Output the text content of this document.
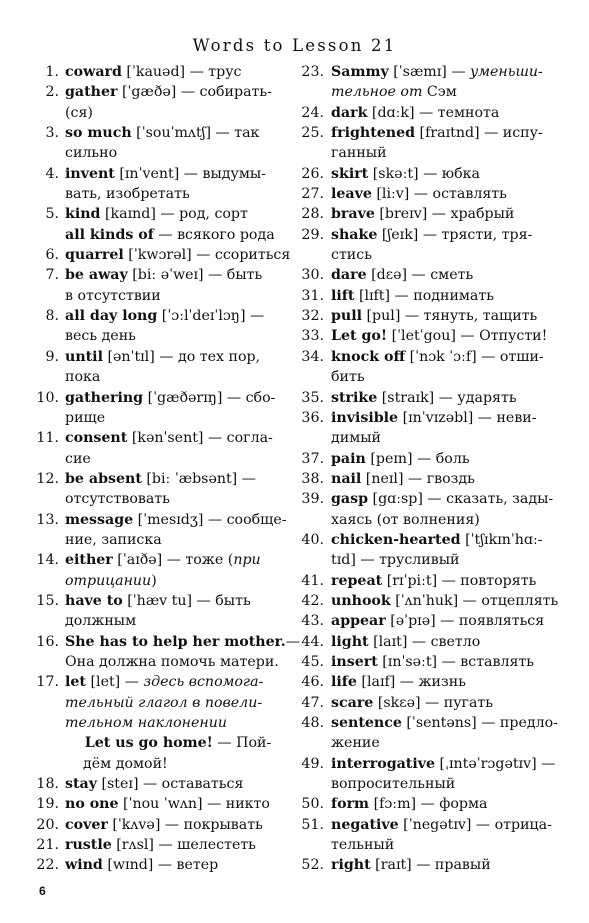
Words to Lesson 21
1. coward [ˈkauəd] — трус
2. gather [ˈgæðə] — собирать-
(ся)
3. so much [ˈsouˈmʌtʃ] — так
сильно
4. invent [ɪnˈvent] — выдумы-
вать, изобретать
5. kind [kaɪnd] — род, сорт
all kinds of — всякого рода
6. quarrel [ˈkwɔrəl] — ссориться
7. be away [biː əˈweɪ] — быть
в отсутствии
8. all day long [ˈɔːlˈdeɪˈlɔŋ] —
весь день
9. until [ənˈtɪl] — до тех пор,
пока
10. gathering [ˈgæðərɪŋ] — сбо-
рище
11. consent [kənˈsent] — согла-
сие
12. be absent [biː ˈæbsənt] —
отсутствовать
13. message [ˈmesɪdʒ] — сообще-
ние, записка
14. either [ˈaɪðə] — тоже (при
отрицании)
15. have to [ˈhæv tu] — быть
должным
16. She has to help her mother.—
Она должна помочь матери.
17. let [let] — здесь вспомога-
тельный глагол в повели-
тельном наклонении
Let us go home! — Пой-
дём домой!
18. stay [steɪ] — оставаться
19. no one [ˈnou ˈwʌn] — никто
20. cover [ˈkʌvə] — покрывать
21. rustle [rʌsl] — шелестеть
22. wind [wɪnd] — ветер
23. Sammy [ˈsæmɪ] — уменьши-
тельное от Сэм
24. dark [dɑːk] — темнота
25. frightened [fraɪtnd] — испу-
ганный
26. skirt [skəːt] — юбка
27. leave [liːv] — оставлять
28. brave [breɪv] — храбрый
29. shake [ʃeɪk] — трясти, тря-
стись
30. dare [dɛə] — сметь
31. lift [lɪft] — поднимать
32. pull [pul] — тянуть, тащить
33. Let go! [ˈletˈgou] — Отпусти!
34. knock off [ˈnɔk ˈɔːf] — отши-
бить
35. strike [straɪk] — ударять
36. invisible [ɪnˈvɪzəbl] — неви-
димый
37. pain [peɪn] — боль
38. nail [neɪl] — гвоздь
39. gasp [gɑːsp] — сказать, зады-
хаясь (от волнения)
40. chicken-hearted [ˈtʃɪkɪnˈhɑː-
tɪd] — трусливый
41. repeat [rɪˈpiːt] — повторять
42. unhook [ˈʌnˈhuk] — отцеплять
43. appear [əˈpɪə] — появляться
44. light [laɪt] — светло
45. insert [ɪnˈsəːt] — вставлять
46. life [laɪf] — жизнь
47. scare [skɛə] — пугать
48. sentence [ˈsentəns] — предло-
жение
49. interrogative [ˌɪntəˈrɔgətɪv] —
вопросительный
50. form [fɔːm] — форма
51. negative [ˈnegətɪv] — отрица-
тельный
52. right [raɪt] — правый
6
